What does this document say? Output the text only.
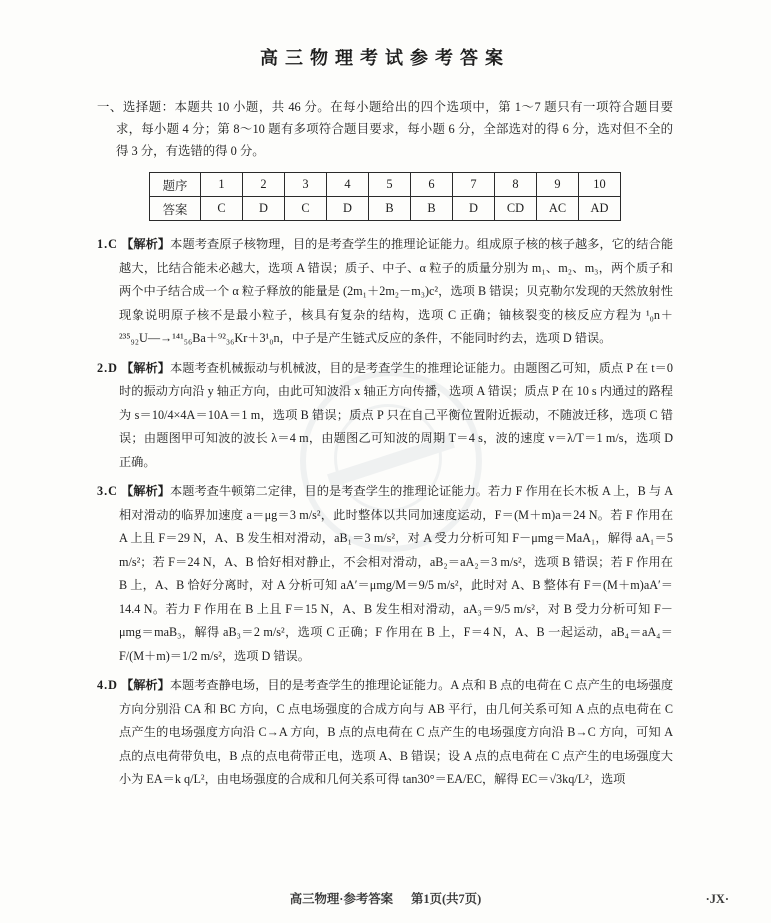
高三物理考试参考答案

一、选择题：本题共 10 小题，共 46 分。在每小题给出的四个选项中，第 1～7 题只有一项符合题目要求，每小题 4 分；第 8～10 题有多项符合题目要求，每小题 6 分，全部选对的得 6 分，选对但不全的得 3 分，有选错的得 0 分。

题序	1	2	3	4	5	6	7	8	9	10
答案	C	D	C	D	B	B	D	CD	AC	AD

1.C 【解析】本题考查原子核物理，目的是考查学生的推理论证能力。组成原子核的核子越多，它的结合能越大，比结合能未必越大，选项 A 错误；质子、中子、α 粒子的质量分别为 m₁、m₂、m₃，两个质子和两个中子结合成一个 α 粒子释放的能量是 (2m₁＋2m₂－m₃)c²，选项 B 错误；贝克勒尔发现的天然放射性现象说明原子核不是最小粒子，核具有复杂的结构，选项 C 正确；铀核裂变的核反应方程为 ¹₀n＋²³⁵₉₂U―→¹⁴¹₅₆Ba＋⁹²₃₆Kr＋3¹₀n，中子是产生链式反应的条件，不能同时约去，选项 D 错误。

2.D 【解析】本题考查机械振动与机械波，目的是考查学生的推理论证能力。由题图乙可知，质点 P 在 t＝0 时的振动方向沿 y 轴正方向，由此可知波沿 x 轴正方向传播，选项 A 错误；质点 P 在 10 s 内通过的路程为 s＝10/4×4A＝10A＝1 m，选项 B 错误；质点 P 只在自己平衡位置附近振动，不随波迁移，选项 C 错误；由题图甲可知波的波长 λ＝4 m，由题图乙可知波的周期 T＝4 s，波的速度 v＝λ/T＝1 m/s，选项 D 正确。

3.C 【解析】本题考查牛顿第二定律，目的是考查学生的推理论证能力。若力 F 作用在长木板 A 上，B 与 A 相对滑动的临界加速度 a＝μg＝3 m/s²，此时整体以共同加速度运动，F＝(M＋m)a＝24 N。若 F 作用在 A 上且 F＝29 N，A、B 发生相对滑动，aB₁＝3 m/s²，对 A 受力分析可知 F－μmg＝MaA₁，解得 aA₁＝5 m/s²；若 F＝24 N，A、B 恰好相对静止，不会相对滑动，aB₂＝aA₂＝3 m/s²，选项 B 错误；若 F 作用在 B 上，A、B 恰好分离时，对 A 分析可知 aA′＝μmg/M＝9/5 m/s²，此时对 A、B 整体有 F＝(M＋m)aA′＝14.4 N。若力 F 作用在 B 上且 F＝15 N，A、B 发生相对滑动，aA₃＝9/5 m/s²，对 B 受力分析可知 F－μmg＝maB₃，解得 aB₃＝2 m/s²，选项 C 正确；F 作用在 B 上，F＝4 N，A、B 一起运动，aB₄＝aA₄＝F/(M＋m)＝1/2 m/s²，选项 D 错误。

4.D 【解析】本题考查静电场，目的是考查学生的推理论证能力。A 点和 B 点的电荷在 C 点产生的电场强度方向分别沿 CA 和 BC 方向，C 点电场强度的合成方向与 AB 平行，由几何关系可知 A 点的点电荷在 C 点产生的电场强度方向沿 C→A 方向，B 点的点电荷在 C 点产生的电场强度方向沿 B→C 方向，可知 A 点的点电荷带负电，B 点的点电荷带正电，选项 A、B 错误；设 A 点的点电荷在 C 点产生的电场强度大小为 EA＝k q/L²，由电场强度的合成和几何关系可得 tan30°＝EA/EC，解得 EC＝√3kq/L²，选项

高三物理·参考答案 第1页(共7页)	·JX·
